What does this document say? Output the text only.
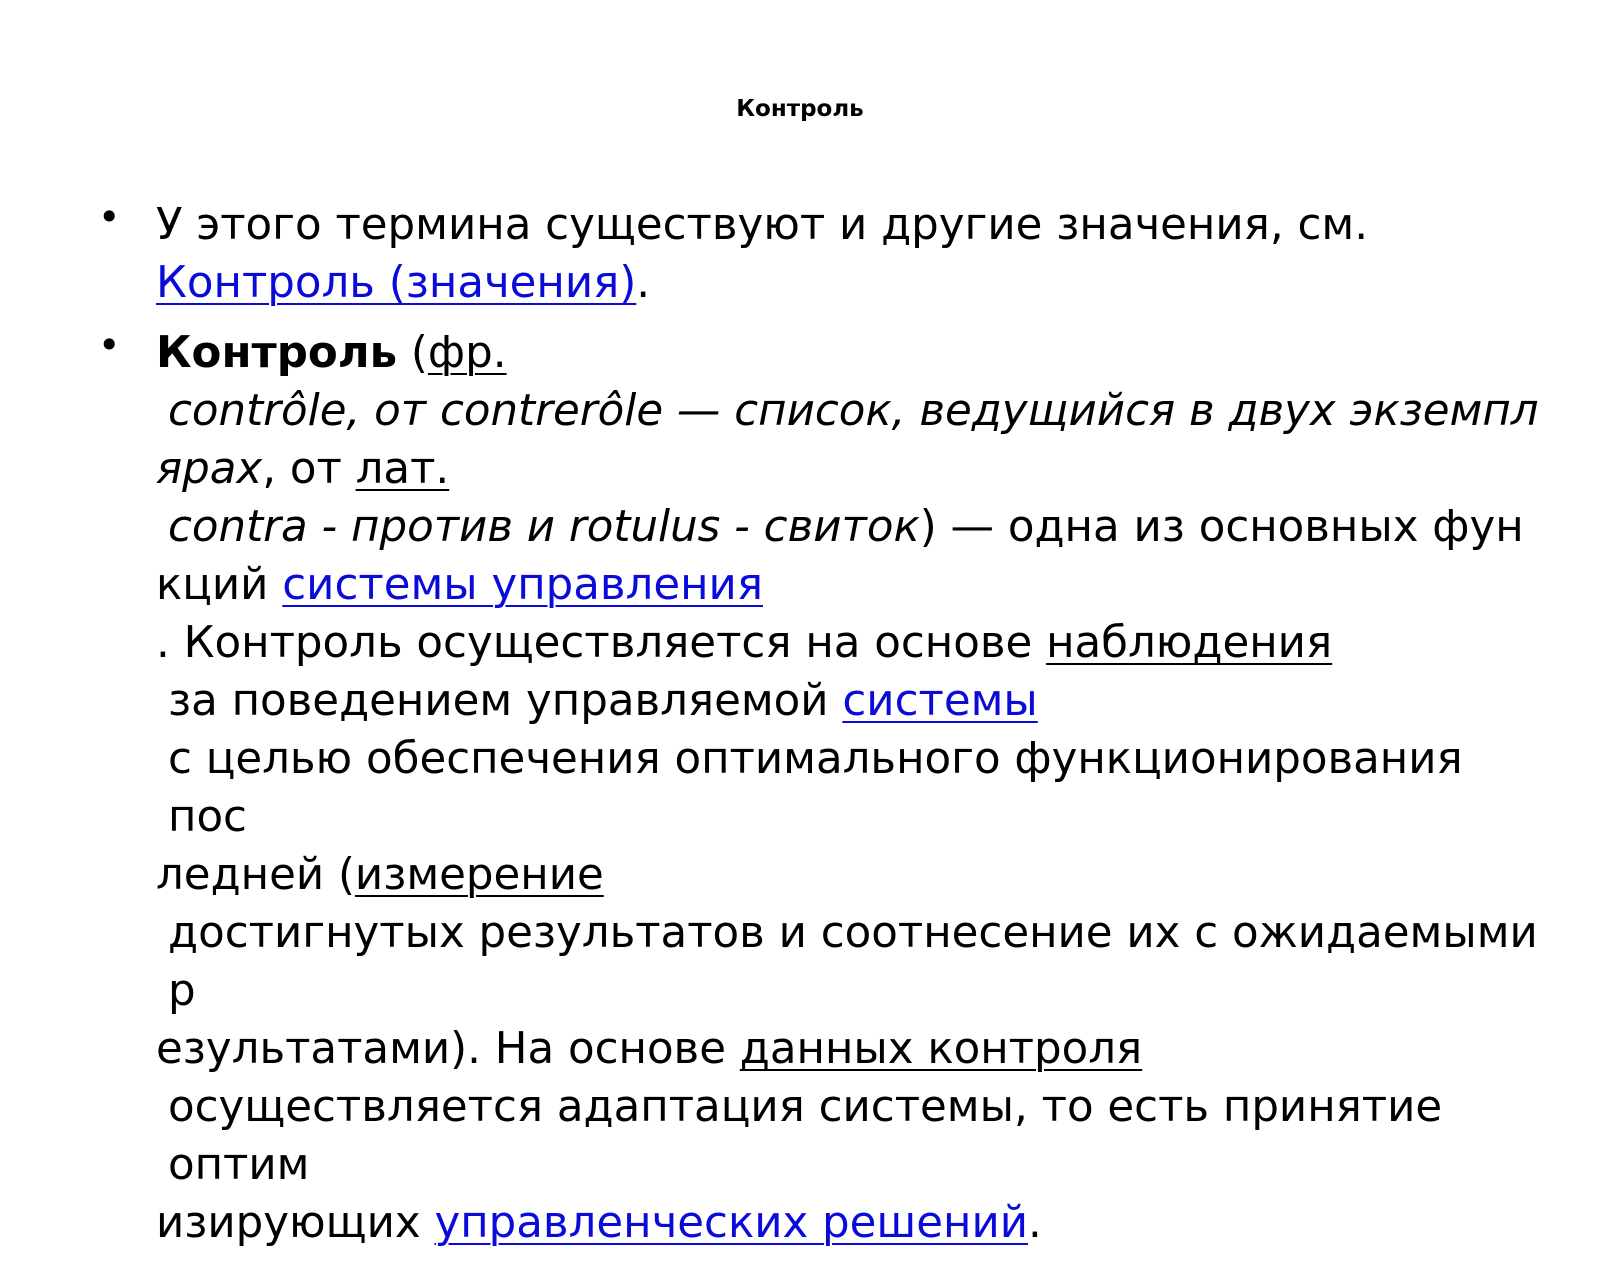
Контроль
• У этого термина существуют и другие значения, см.
Контроль (значения).
• Контроль (фр.
contrôle, от contrerôle — список, ведущийся в двух экземпл
ярах, от лат.
contra - против и rotulus - свиток) — одна из основных фун
кций системы управления
. Контроль осуществляется на основе наблюдения
за поведением управляемой системы
с целью обеспечения оптимального функционирования пос
ледней (измерение
достигнутых результатов и соотнесение их с ожидаемыми р
езультатами). На основе данных контроля
осуществляется адаптация системы, то есть принятие оптим
изирующих управленческих решений.
